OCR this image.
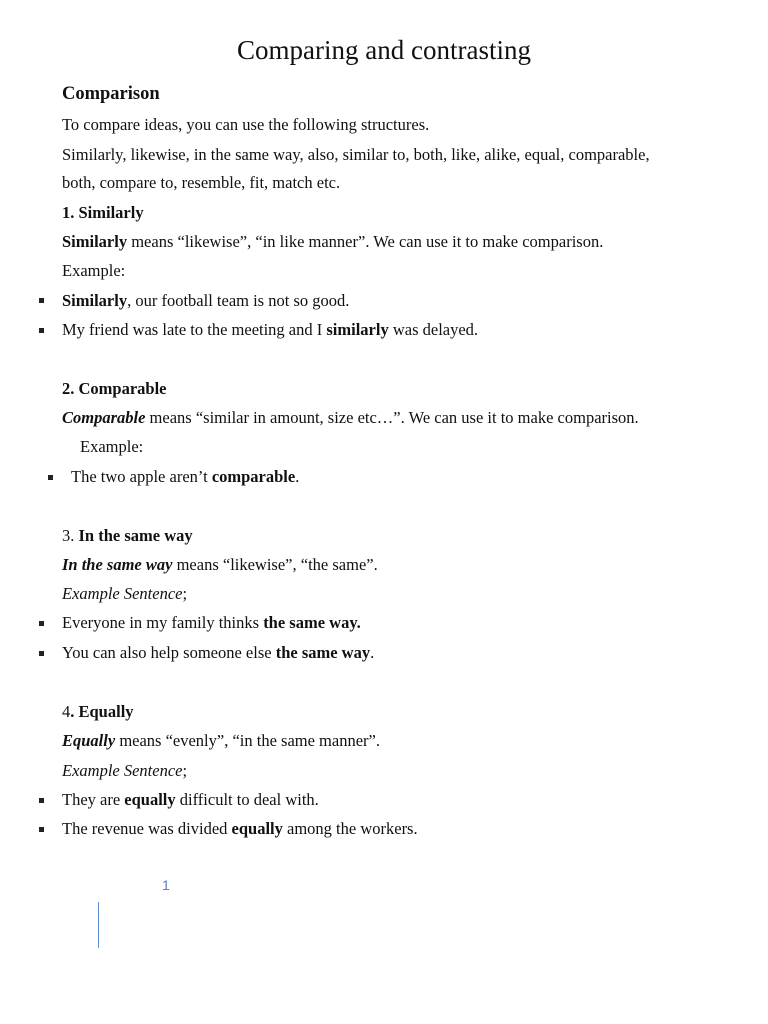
Comparing and contrasting
Comparison
To compare ideas, you can use the following structures.
Similarly, likewise, in the same way, also, similar to, both, like, alike, equal, comparable,
both, compare to, resemble, fit, match etc.
1. Similarly
Similarly means “likewise”, “in like manner”. We can use it to make comparison.
Example:
Similarly, our football team is not so good.
My friend was late to the meeting and I similarly was delayed.
2. Comparable
Comparable means “similar in amount, size etc…”. We can use it to make comparison.
Example:
The two apple aren’t comparable.
3. In the same way
In the same way means “likewise”, “the same”.
Example Sentence;
Everyone in my family thinks the same way.
You can also help someone else the same way.
4. Equally
Equally means “evenly”, “in the same manner”.
Example Sentence;
They are equally difficult to deal with.
The revenue was divided equally among the workers.
1
